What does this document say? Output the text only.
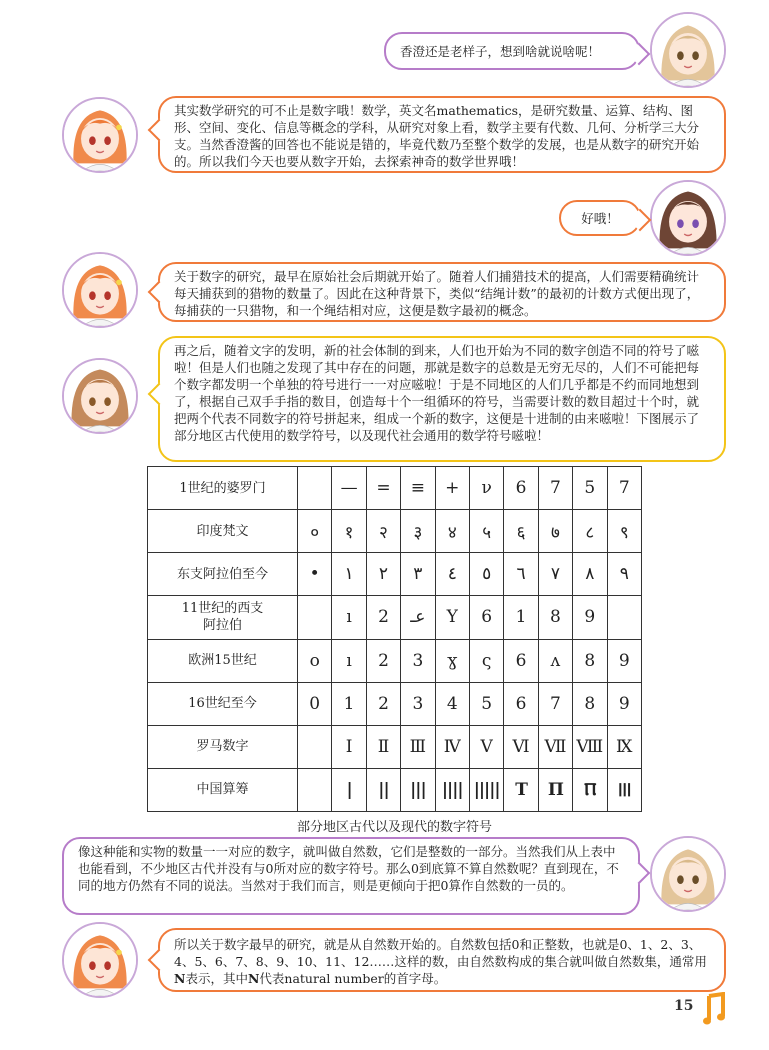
香澄还是老样子，想到啥就说啥呢！

其实数学研究的可不止是数字哦！数学，英文名mathematics，是研究数量、运算、结构、图形、空间、变化、信息等概念的学科，从研究对象上看，数学主要有代数、几何、分析学三大分支。当然香澄酱的回答也不能说是错的，毕竟代数乃至整个数学的发展，也是从数字的研究开始的。所以我们今天也要从数字开始，去探索神奇的数学世界哦！

好哦！

关于数字的研究，最早在原始社会后期就开始了。随着人们捕猎技术的提高，人们需要精确统计每天捕获到的猎物的数量了。因此在这种背景下，类似“结绳计数”的最初的计数方式便出现了，每捕获的一只猎物，和一个绳结相对应，这便是数字最初的概念。

再之后，随着文字的发明，新的社会体制的到来，人们也开始为不同的数字创造不同的符号了嗞啦！但是人们也随之发现了其中存在的问题，那就是数字的总数是无穷无尽的，人们不可能把每个数字都发明一个单独的符号进行一一对应嗞啦！于是不同地区的人们几乎都是不约而同地想到了，根据自己双手手指的数目，创造每十个一组循环的符号，当需要计数的数目超过十个时，就把两个代表不同数字的符号拼起来，组成一个新的数字，这便是十进制的由来嗞啦！下图展示了部分地区古代使用的数学符号，以及现代社会通用的数学符号嗞啦！

1世纪的婆罗门		—	=	≡	+	ν	6	7	5	7
印度梵文	०	१	२	३	४	५	६	७	८	९
东支阿拉伯至今	•	١	٢	٣	٤	٥	٦	٧	٨	٩
11世纪的西支
阿拉伯		ı	2	عـ	Y	6	1	8	9	
欧洲15世纪	o	ı	2	3	ɣ	ς	6	ʌ	8	9
16世纪至今	0	1	2	3	4	5	6	7	8	9
罗马数字		Ⅰ	Ⅱ	Ⅲ	Ⅳ	Ⅴ	Ⅵ	Ⅶ	Ⅷ	Ⅸ
中国算筹		|	||	|||	||||	|||||	T	Π	Ⲡ	Ⲽ
部分地区古代以及现代的数字符号

像这种能和实物的数量一一对应的数字，就叫做自然数，它们是整数的一部分。当然我们从上表中也能看到，不少地区古代并没有与0所对应的数字符号。那么0到底算不算自然数呢？直到现在，不同的地方仍然有不同的说法。当然对于我们而言，则是更倾向于把0算作自然数的一员的。

所以关于数字最早的研究，就是从自然数开始的。自然数包括0和正整数，也就是0、1、2、3、4、5、6、7、8、9、10、11、12……这样的数，由自然数构成的集合就叫做自然数集，通常用N表示，其中N代表natural number的首字母。

15
